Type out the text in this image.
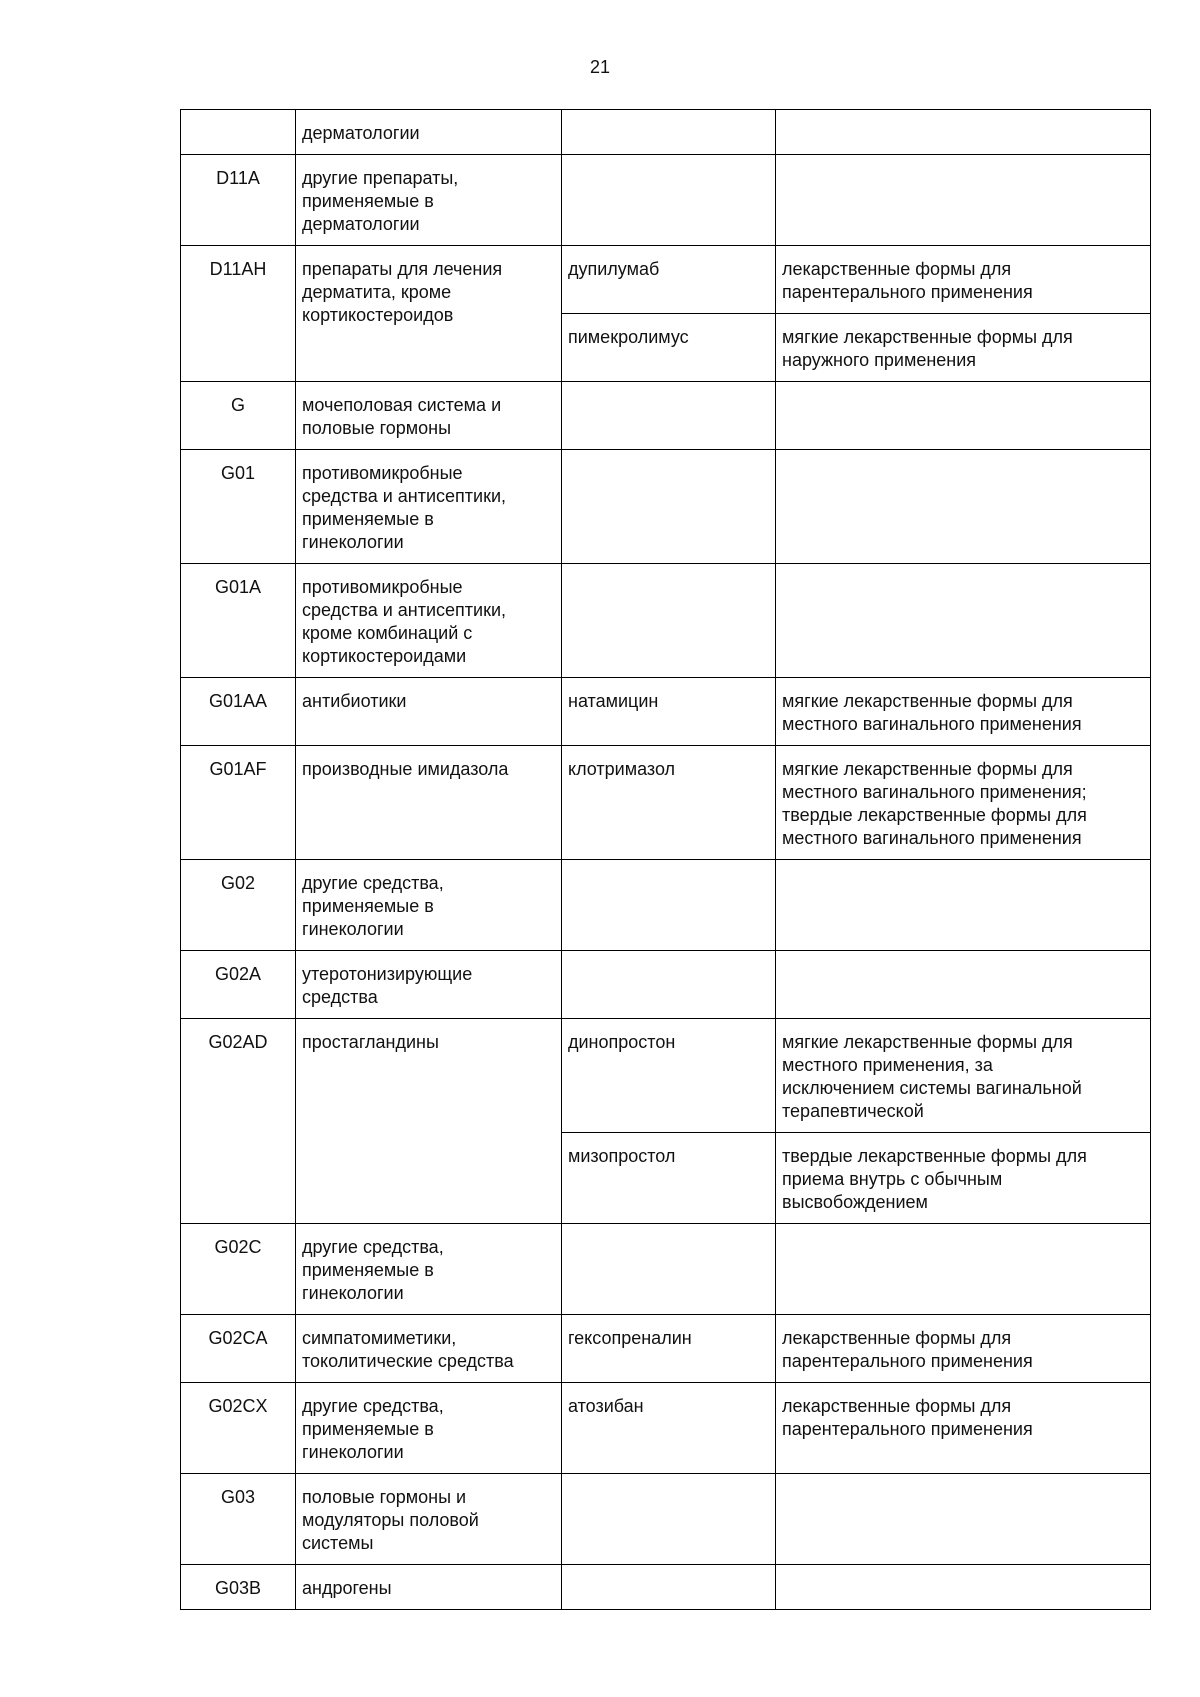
21
	дерматологии		
D11A	другие препараты,
применяемые в
дерматологии		
D11AH	препараты для лечения
дерматита, кроме
кортикостероидов	дупилумаб	лекарственные формы для
парентерального применения
		пимекролимус	мягкие лекарственные формы для
наружного применения
G	мочеполовая система и
половые гормоны		
G01	противомикробные
средства и антисептики,
применяемые в
гинекологии		
G01A	противомикробные
средства и антисептики,
кроме комбинаций с
кортикостероидами		
G01AA	антибиотики	натамицин	мягкие лекарственные формы для
местного вагинального применения
G01AF	производные имидазола	клотримазол	мягкие лекарственные формы для
местного вагинального применения;
твердые лекарственные формы для
местного вагинального применения
G02	другие средства,
применяемые в
гинекологии		
G02A	утеротонизирующие
средства		
G02AD	простагландины	динопростон	мягкие лекарственные формы для
местного применения, за
исключением системы вагинальной
терапевтической
		мизопростол	твердые лекарственные формы для
приема внутрь с обычным
высвобождением
G02C	другие средства,
применяемые в
гинекологии		
G02CA	симпатомиметики,
токолитические средства	гексопреналин	лекарственные формы для
парентерального применения
G02CX	другие средства,
применяемые в
гинекологии	атозибан	лекарственные формы для
парентерального применения
G03	половые гормоны и
модуляторы половой
системы		
G03B	андрогены		
